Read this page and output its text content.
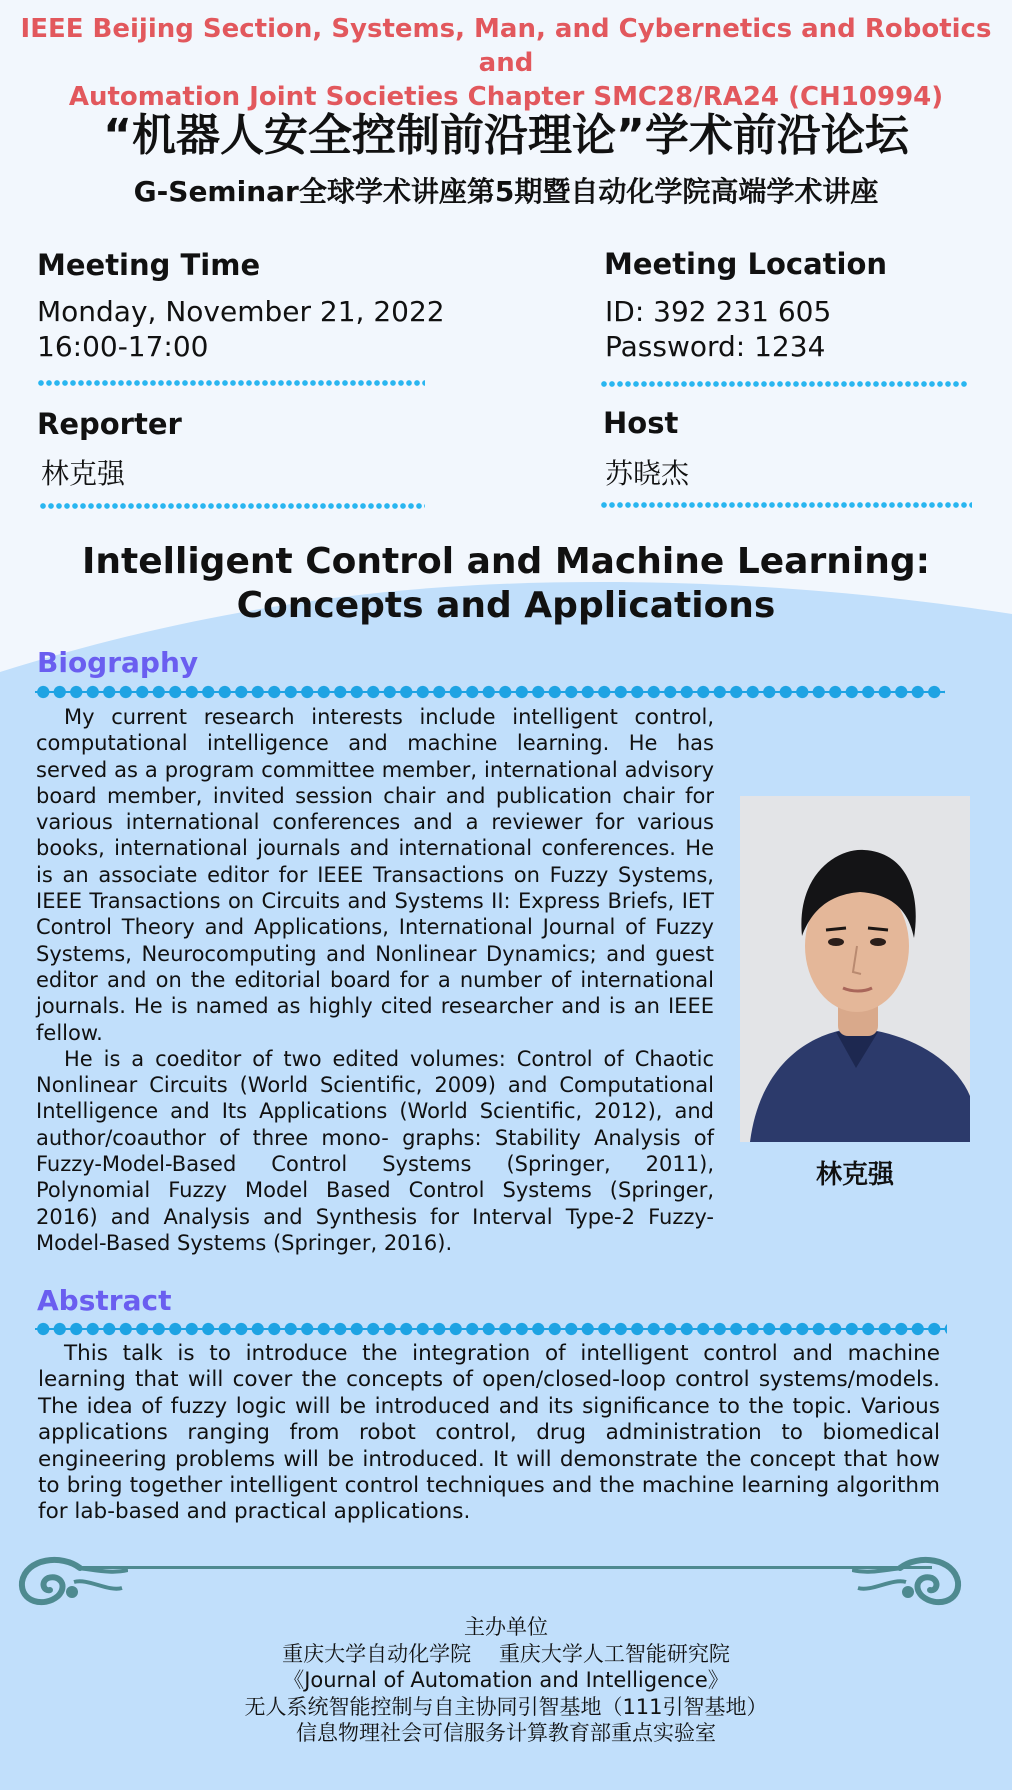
IEEE Beijing Section, Systems, Man, and Cybernetics and Robotics and
Automation Joint Societies Chapter SMC28/RA24 (CH10994)
“机器人安全控制前沿理论”学术前沿论坛
G-Seminar全球学术讲座第5期暨自动化学院高端学术讲座
Meeting Time
Monday, November 21, 2022
16:00-17:00
Meeting Location
ID: 392 231 605
Password: 1234
Reporter
林克强
Host
苏晓杰
Intelligent Control and Machine Learning: Concepts and Applications
Biography

My current research interests include intelligent control, computational intelligence and machine learning. He has served as a program committee member, international advisory board member, invited session chair and publication chair for various international conferences and a reviewer for various books, international journals and international conferences. He is an associate editor for IEEE Transactions on Fuzzy Systems, IEEE Transactions on Circuits and Systems II: Express Briefs, IET Control Theory and Applications, International Journal of Fuzzy Systems, Neurocomputing and Nonlinear Dynamics; and guest editor and on the editorial board for a number of international journals. He is named as highly cited researcher and is an IEEE fellow.

He is a coeditor of two edited volumes: Control of Chaotic Nonlinear Circuits (World Scientific, 2009) and Computational Intelligence and Its Applications (World Scientific, 2012), and author/coauthor of three mono- graphs: Stability Analysis of Fuzzy-Model-Based Control Systems (Springer, 2011), Polynomial Fuzzy Model Based Control Systems (Springer, 2016) and Analysis and Synthesis for Interval Type-2 Fuzzy-Model-Based Systems (Springer, 2016).

林克强
Abstract
This talk is to introduce the integration of intelligent control and machine learning that will cover the concepts of open/closed-loop control systems/models. The idea of fuzzy logic will be introduced and its significance to the topic. Various applications ranging from robot control, drug administration to biomedical engineering problems will be introduced. It will demonstrate the concept that how to bring together intelligent control techniques and the machine learning algorithm for lab-based and practical applications.
主办单位
重庆大学自动化学院　 重庆大学人工智能研究院
《Journal of Automation and Intelligence》
无人系统智能控制与自主协同引智基地（111引智基地）
信息物理社会可信服务计算教育部重点实验室
